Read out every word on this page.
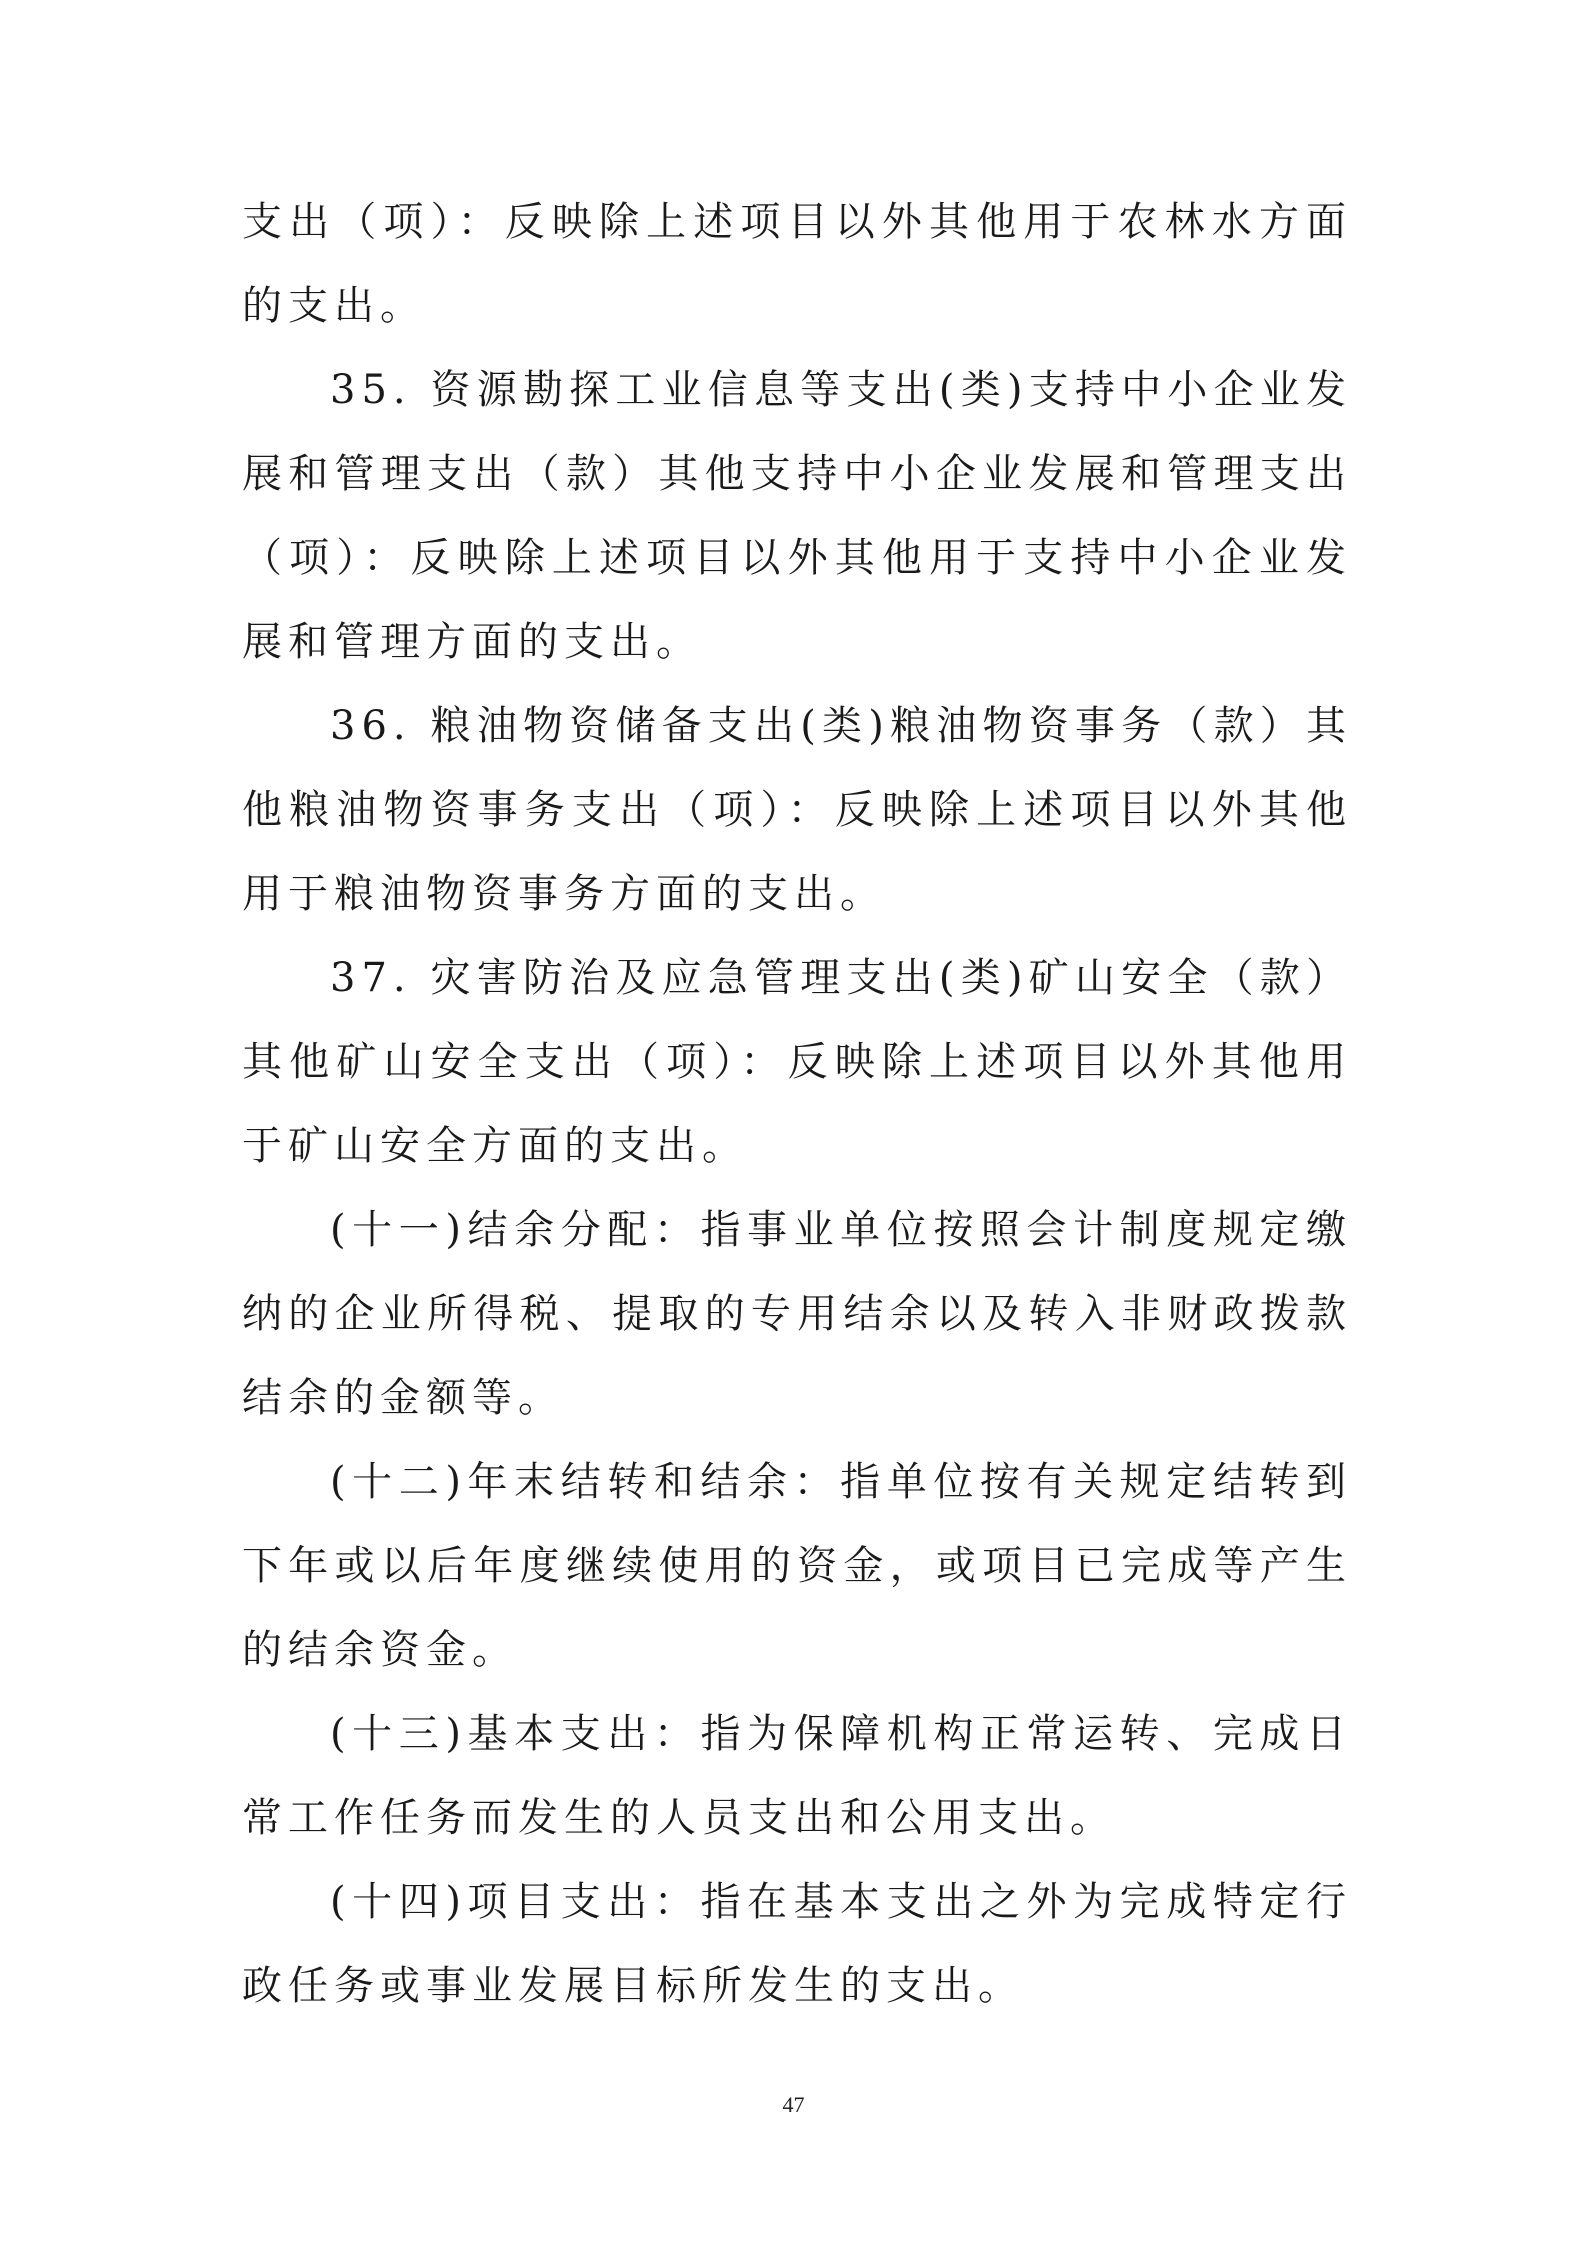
支出（项）：反映除上述项目以外其他用于农林水方面的支出。

35. 资源勘探工业信息等支出(类)支持中小企业发展和管理支出（款）其他支持中小企业发展和管理支出（项）：反映除上述项目以外其他用于支持中小企业发展和管理方面的支出。

36. 粮油物资储备支出(类)粮油物资事务（款）其他粮油物资事务支出（项）：反映除上述项目以外其他用于粮油物资事务方面的支出。

37. 灾害防治及应急管理支出(类)矿山安全（款）其他矿山安全支出（项）：反映除上述项目以外其他用于矿山安全方面的支出。

(十一)结余分配：指事业单位按照会计制度规定缴纳的企业所得税、提取的专用结余以及转入非财政拨款结余的金额等。

(十二)年末结转和结余：指单位按有关规定结转到下年或以后年度继续使用的资金，或项目已完成等产生的结余资金。

(十三)基本支出：指为保障机构正常运转、完成日常工作任务而发生的人员支出和公用支出。

(十四)项目支出：指在基本支出之外为完成特定行政任务或事业发展目标所发生的支出。

47
